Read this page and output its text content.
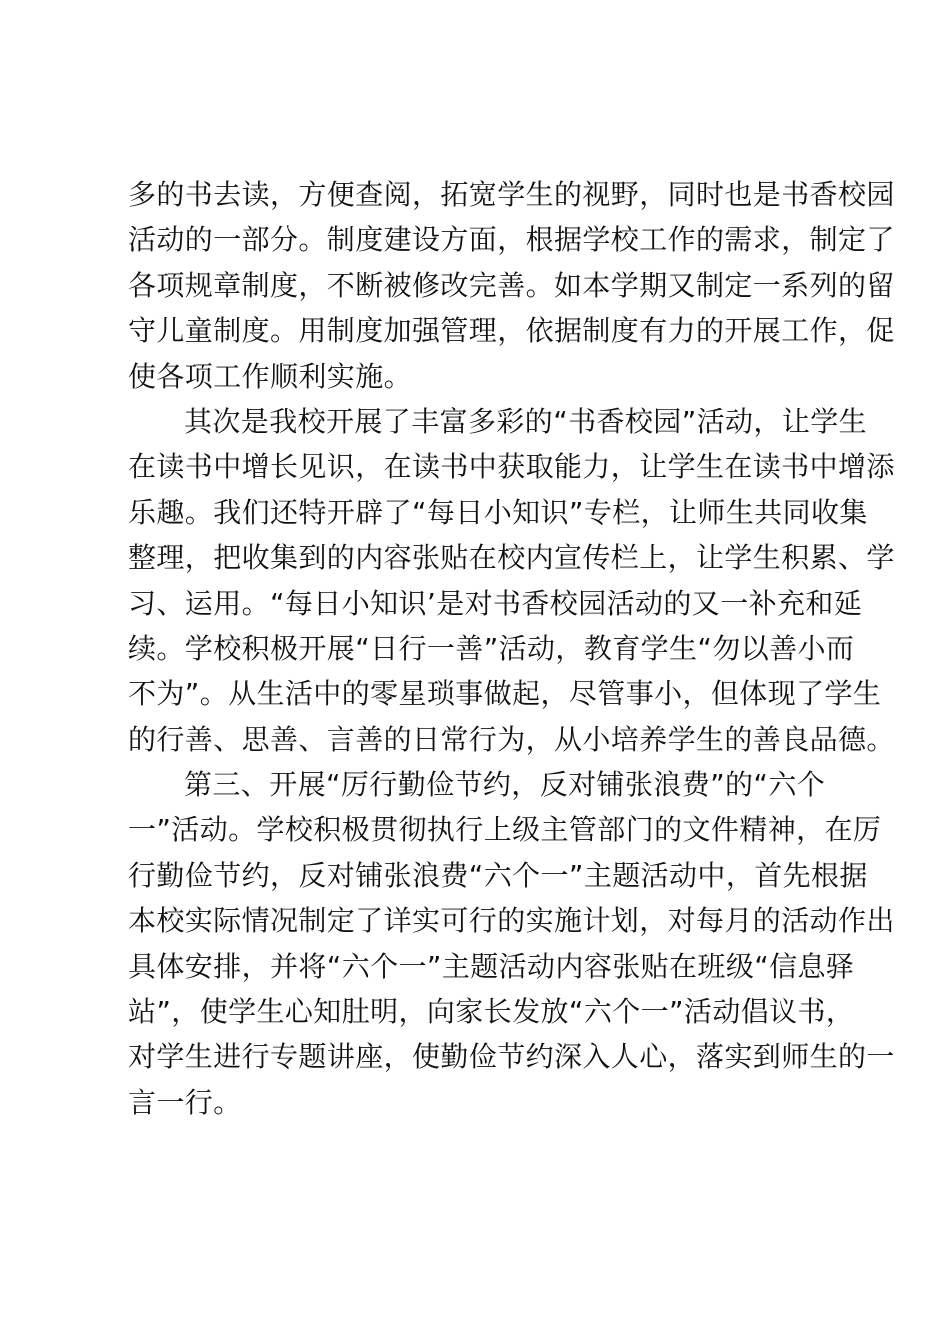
多的书去读，方便查阅，拓宽学生的视野，同时也是书香校园
活动的一部分。制度建设方面，根据学校工作的需求，制定了
各项规章制度，不断被修改完善。如本学期又制定一系列的留
守儿童制度。用制度加强管理，依据制度有力的开展工作，促
使各项工作顺利实施。
其次是我校开展了丰富多彩的“书香校园”活动，让学生
在读书中增长见识，在读书中获取能力，让学生在读书中增添
乐趣。我们还特开辟了“每日小知识”专栏，让师生共同收集
整理，把收集到的内容张贴在校内宣传栏上，让学生积累、学
习、运用。“每日小知识’是对书香校园活动的又一补充和延
续。学校积极开展“日行一善”活动，教育学生“勿以善小而
不为”。从生活中的零星琐事做起，尽管事小，但体现了学生
的行善、思善、言善的日常行为，从小培养学生的善良品德。
第三、开展“厉行勤俭节约，反对铺张浪费”的“六个
一”活动。学校积极贯彻执行上级主管部门的文件精神，在厉
行勤俭节约，反对铺张浪费“六个一”主题活动中，首先根据
本校实际情况制定了详实可行的实施计划，对每月的活动作出
具体安排，并将“六个一”主题活动内容张贴在班级“信息驿
站”，使学生心知肚明，向家长发放“六个一”活动倡议书，
对学生进行专题讲座，使勤俭节约深入人心，落实到师生的一
言一行。
